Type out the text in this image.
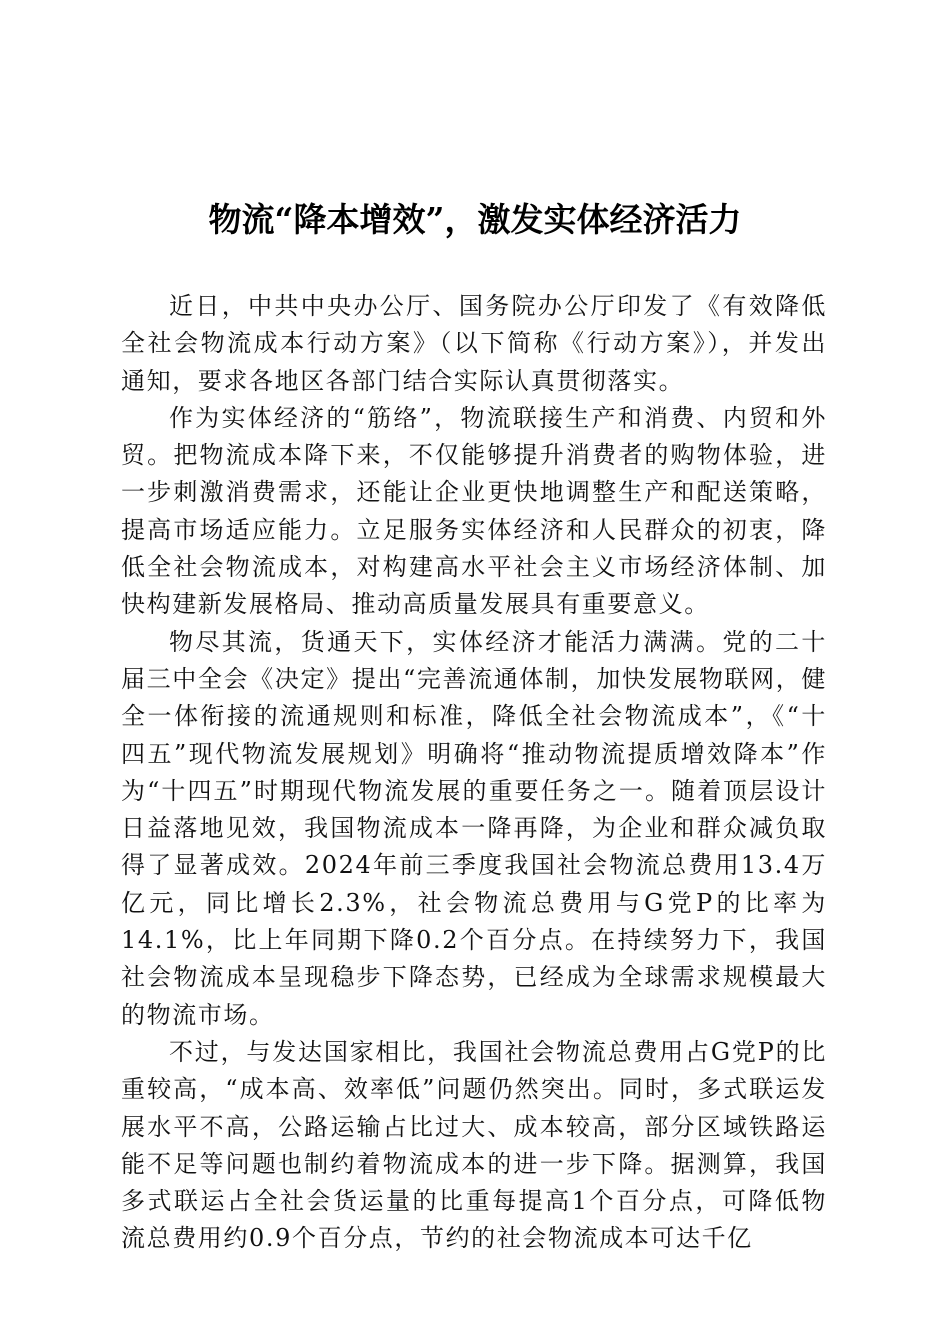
物流“降本增效”，激发实体经济活力

近日，中共中央办公厅、国务院办公厅印发了《有效降低全社会物流成本行动方案》（以下简称《行动方案》），并发出通知，要求各地区各部门结合实际认真贯彻落实。

作为实体经济的“筋络”，物流联接生产和消费、内贸和外贸。把物流成本降下来，不仅能够提升消费者的购物体验，进一步刺激消费需求，还能让企业更快地调整生产和配送策略，提高市场适应能力。立足服务实体经济和人民群众的初衷，降低全社会物流成本，对构建高水平社会主义市场经济体制、加快构建新发展格局、推动高质量发展具有重要意义。

物尽其流，货通天下，实体经济才能活力满满。党的二十届三中全会《决定》提出“完善流通体制，加快发展物联网，健全一体衔接的流通规则和标准，降低全社会物流成本”，《“十四五”现代物流发展规划》明确将“推动物流提质增效降本”作为“十四五”时期现代物流发展的重要任务之一。随着顶层设计日益落地见效，我国物流成本一降再降，为企业和群众减负取得了显著成效。2024年前三季度我国社会物流总费用13.4万亿元，同比增长2.3%，社会物流总费用与G党P的比率为14.1%，比上年同期下降0.2个百分点。在持续努力下，我国社会物流成本呈现稳步下降态势，已经成为全球需求规模最大的物流市场。

不过，与发达国家相比，我国社会物流总费用占G党P的比重较高，“成本高、效率低”问题仍然突出。同时，多式联运发展水平不高，公路运输占比过大、成本较高，部分区域铁路运能不足等问题也制约着物流成本的进一步下降。据测算，我国多式联运占全社会货运量的比重每提高1个百分点，可降低物流总费用约0.9个百分点，节约的社会物流成本可达千亿
